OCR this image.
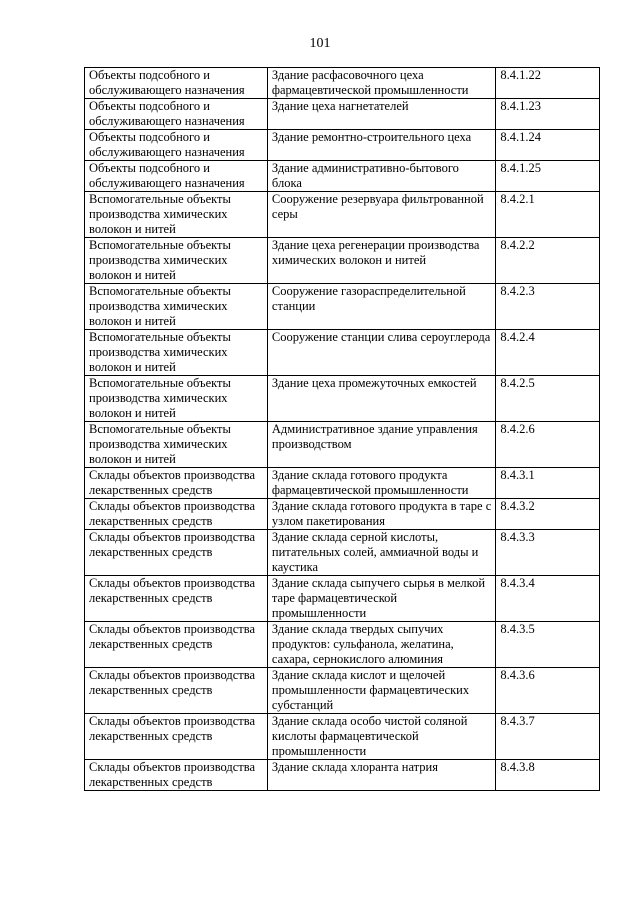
101
Объекты подсобного и обслуживающего назначения	Здание расфасовочного цеха фармацевтической промышленности	8.4.1.22
Объекты подсобного и обслуживающего назначения	Здание цеха нагнетателей	8.4.1.23
Объекты подсобного и обслуживающего назначения	Здание ремонтно-строительного цеха	8.4.1.24
Объекты подсобного и обслуживающего назначения	Здание административно-бытового блока	8.4.1.25
Вспомогательные объекты производства химических волокон и нитей	Сооружение резервуара фильтрованной серы	8.4.2.1
Вспомогательные объекты производства химических волокон и нитей	Здание цеха регенерации производства химических волокон и нитей	8.4.2.2
Вспомогательные объекты производства химических волокон и нитей	Сооружение газораспределительной станции	8.4.2.3
Вспомогательные объекты производства химических волокон и нитей	Сооружение станции слива сероуглерода	8.4.2.4
Вспомогательные объекты производства химических волокон и нитей	Здание цеха промежуточных емкостей	8.4.2.5
Вспомогательные объекты производства химических волокон и нитей	Административное здание управления производством	8.4.2.6
Склады объектов производства лекарственных средств	Здание склада готового продукта фармацевтической промышленности	8.4.3.1
Склады объектов производства лекарственных средств	Здание склада готового продукта в таре с узлом пакетирования	8.4.3.2
Склады объектов производства лекарственных средств	Здание склада серной кислоты, питательных солей, аммиачной воды и каустика	8.4.3.3
Склады объектов производства лекарственных средств	Здание склада сыпучего сырья в мелкой таре фармацевтической промышленности	8.4.3.4
Склады объектов производства лекарственных средств	Здание склада твердых сыпучих продуктов: сульфанола, желатина, сахара, сернокислого алюминия	8.4.3.5
Склады объектов производства лекарственных средств	Здание склада кислот и щелочей промышленности фармацевтических субстанций	8.4.3.6
Склады объектов производства лекарственных средств	Здание склада особо чистой соляной кислоты фармацевтической промышленности	8.4.3.7
Склады объектов производства лекарственных средств	Здание склада хлоранта натрия	8.4.3.8
